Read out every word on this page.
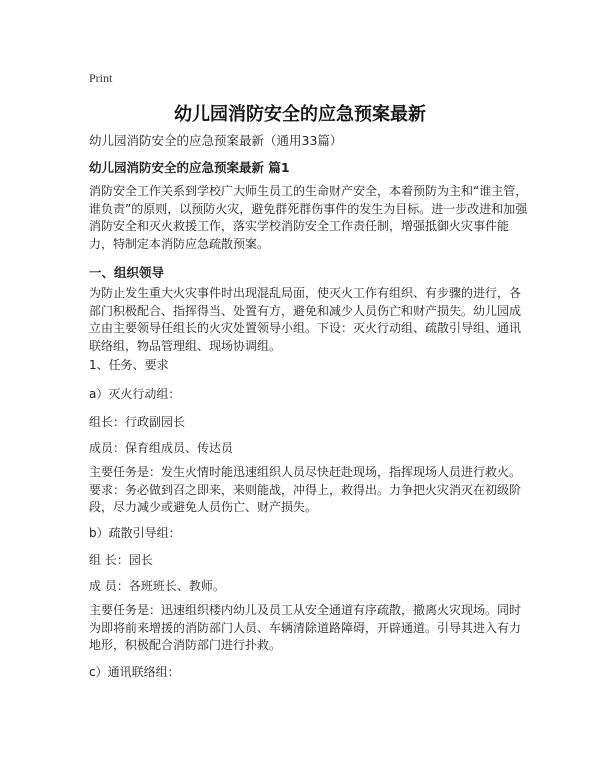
Print
幼儿园消防安全的应急预案最新
幼儿园消防安全的应急预案最新（通用33篇）
幼儿园消防安全的应急预案最新 篇1
消防安全工作关系到学校广大师生员工的生命财产安全，本着预防为主和“谁主管，谁负责”的原则，以预防火灾，避免群死群伤事件的发生为目标。进一步改进和加强消防安全和灭火救援工作，落实学校消防安全工作责任制，增强抵御火灾事件能力，特制定本消防应急疏散预案。
一、组织领导
为防止发生重大火灾事件时出现混乱局面，使灭火工作有组织、有步骤的进行，各部门积极配合、指挥得当、处置有方，避免和减少人员伤亡和财产损失。幼儿园成立由主要领导任组长的火灾处置领导小组。下设：灭火行动组、疏散引导组、通讯联络组，物品管理组、现场协调组。
1、任务、要求
a）灭火行动组：
组长：行政副园长
成员：保育组成员、传达员
主要任务是：发生火情时能迅速组织人员尽快赶赴现场，指挥现场人员进行救火。要求：务必做到召之即来，来则能战，冲得上，救得出。力争把火灾消灭在初级阶段，尽力减少或避免人员伤亡、财产损失。
b）疏散引导组：
组 长：园长
成 员：各班班长、教师。
主要任务是：迅速组织楼内幼儿及员工从安全通道有序疏散，撤离火灾现场。同时为即将前来增援的消防部门人员、车辆清除道路障碍，开辟通道。引导其进入有力地形，积极配合消防部门进行扑救。
c）通讯联络组：
